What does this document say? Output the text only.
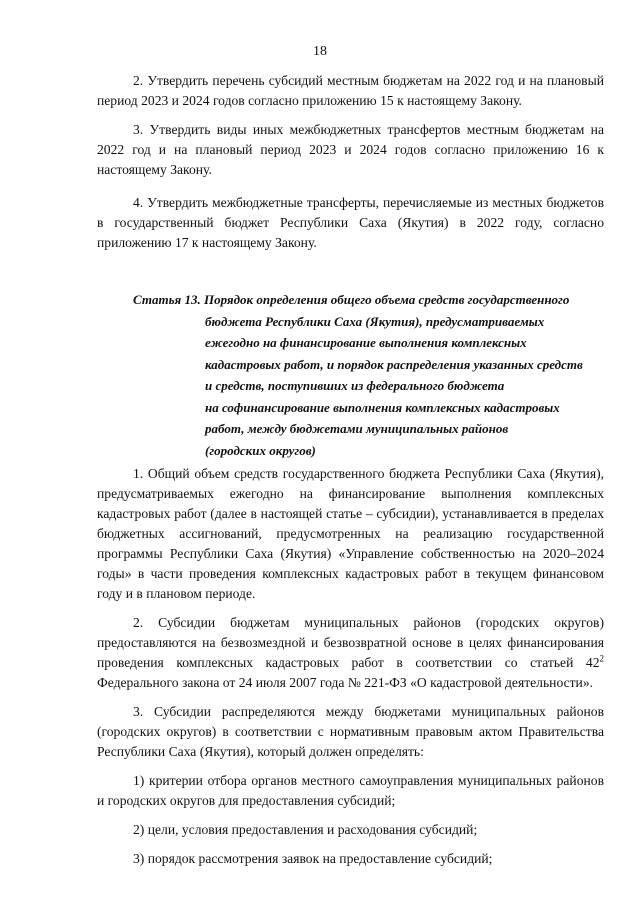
18

2. Утвердить перечень субсидий местным бюджетам на 2022 год и на плановый период 2023 и 2024 годов согласно приложению 15 к настоящему Закону.

3. Утвердить виды иных межбюджетных трансфертов местным бюджетам на 2022 год и на плановый период 2023 и 2024 годов согласно приложению 16 к настоящему Закону.

4. Утвердить межбюджетные трансферты, перечисляемые из местных бюджетов в государственный бюджет Республики Саха (Якутия) в 2022 году, согласно приложению 17 к настоящему Закону.

Статья 13. Порядок определения общего объема средств государственного
бюджета Республики Саха (Якутия), предусматриваемых
ежегодно на финансирование выполнения комплексных
кадастровых работ, и порядок распределения указанных средств
и средств, поступивших из федерального бюджета
на софинансирование выполнения комплексных кадастровых
работ, между бюджетами муниципальных районов
(городских округов)

1. Общий объем средств государственного бюджета Республики Саха (Якутия), предусматриваемых ежегодно на финансирование выполнения комплексных кадастровых работ (далее в настоящей статье – субсидии), устанавливается в пределах бюджетных ассигнований, предусмотренных на реализацию государственной программы Республики Саха (Якутия) «Управление собственностью на 2020–2024 годы» в части проведения комплексных кадастровых работ в текущем финансовом году и в плановом периоде.

2. Субсидии бюджетам муниципальных районов (городских округов) предоставляются на безвозмездной и безвозвратной основе в целях финансирования проведения комплексных кадастровых работ в соответствии со статьей $42^2$ Федерального закона от 24 июля 2007 года № 221-ФЗ «О кадастровой деятельности».

3. Субсидии распределяются между бюджетами муниципальных районов (городских округов) в соответствии с нормативным правовым актом Правительства Республики Саха (Якутия), который должен определять:

1) критерии отбора органов местного самоуправления муниципальных районов и городских округов для предоставления субсидий;

2) цели, условия предоставления и расходования субсидий;

3) порядок рассмотрения заявок на предоставление субсидий;
